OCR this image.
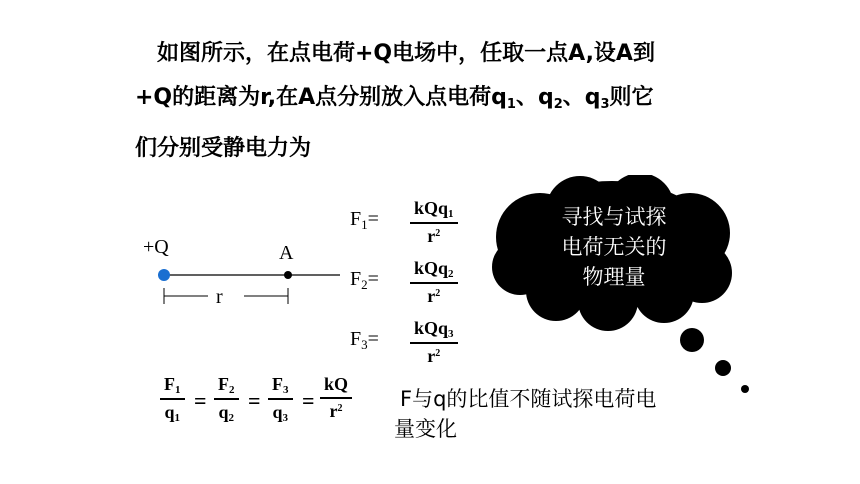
如图所示，在点电荷+Q电场中，任取一点A,设A到
+Q的距离为r,在A点分别放入点电荷$q_1$、$q_2$、$q_3$则它
们分别受静电力为
+Q	A
r
$F_1= kQq_1$
$r^2$
$F_2= kQq_2$
$r^2$
$F_3= kQq_3$
$r^2$
$F_1$
$q_1$
=
$F_2$
$q_2$
=
$F_3$
$q_3$
=
kQ
$r^2$
寻找与试探
电荷无关的
物理量
F与q的比值不随试探电荷电
量变化
